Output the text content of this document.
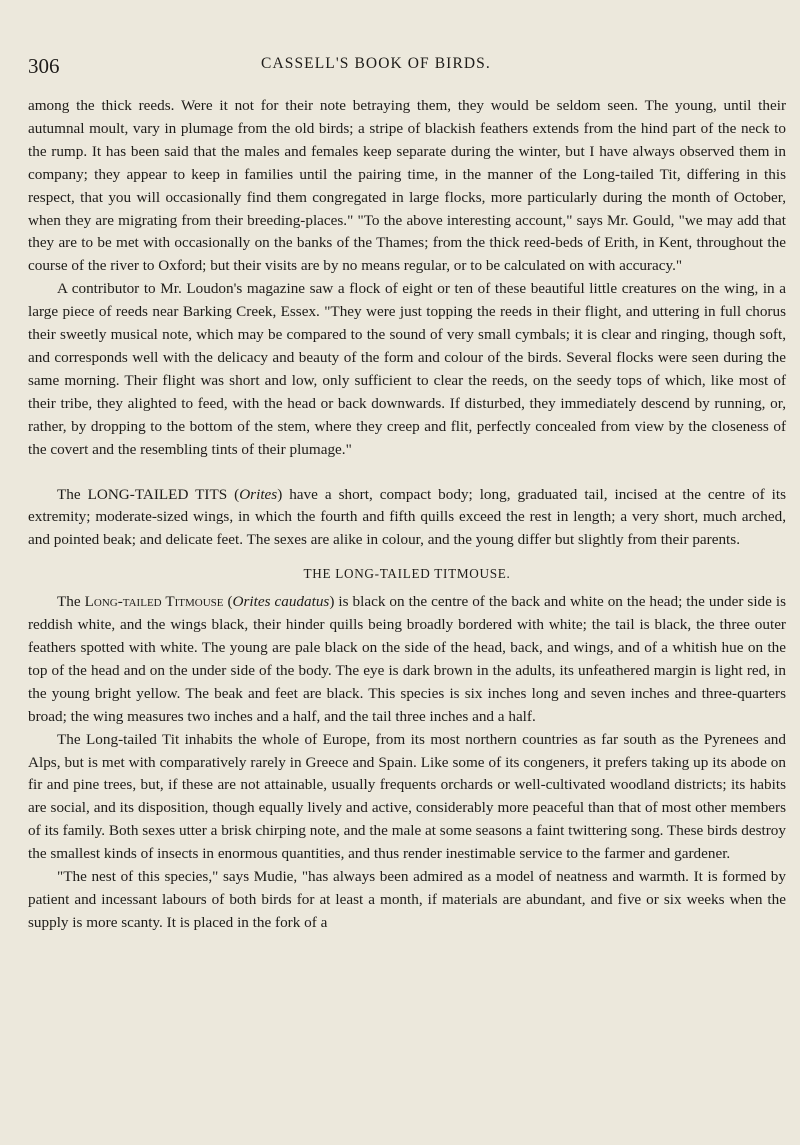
306	CASSELL'S BOOK OF BIRDS.

among the thick reeds. Were it not for their note betraying them, they would be seldom seen. The young, until their autumnal moult, vary in plumage from the old birds; a stripe of blackish feathers extends from the hind part of the neck to the rump. It has been said that the males and females keep separate during the winter, but I have always observed them in company; they appear to keep in families until the pairing time, in the manner of the Long-tailed Tit, differing in this respect, that you will occasionally find them congregated in large flocks, more particularly during the month of October, when they are migrating from their breeding-places." "To the above interesting account," says Mr. Gould, "we may add that they are to be met with occasionally on the banks of the Thames; from the thick reed-beds of Erith, in Kent, throughout the course of the river to Oxford; but their visits are by no means regular, or to be calculated on with accuracy."

A contributor to Mr. Loudon's magazine saw a flock of eight or ten of these beautiful little creatures on the wing, in a large piece of reeds near Barking Creek, Essex. "They were just topping the reeds in their flight, and uttering in full chorus their sweetly musical note, which may be compared to the sound of very small cymbals; it is clear and ringing, though soft, and corresponds well with the delicacy and beauty of the form and colour of the birds. Several flocks were seen during the same morning. Their flight was short and low, only sufficient to clear the reeds, on the seedy tops of which, like most of their tribe, they alighted to feed, with the head or back downwards. If disturbed, they immediately descend by running, or, rather, by dropping to the bottom of the stem, where they creep and flit, perfectly concealed from view by the closeness of the covert and the resembling tints of their plumage."

The LONG-TAILED TITS (Orites) have a short, compact body; long, graduated tail, incised at the centre of its extremity; moderate-sized wings, in which the fourth and fifth quills exceed the rest in length; a very short, much arched, and pointed beak; and delicate feet. The sexes are alike in colour, and the young differ but slightly from their parents.

THE LONG-TAILED TITMOUSE.

The Long-tailed Titmouse (Orites caudatus) is black on the centre of the back and white on the head; the under side is reddish white, and the wings black, their hinder quills being broadly bordered with white; the tail is black, the three outer feathers spotted with white. The young are pale black on the side of the head, back, and wings, and of a whitish hue on the top of the head and on the under side of the body. The eye is dark brown in the adults, its unfeathered margin is light red, in the young bright yellow. The beak and feet are black. This species is six inches long and seven inches and three-quarters broad; the wing measures two inches and a half, and the tail three inches and a half.

The Long-tailed Tit inhabits the whole of Europe, from its most northern countries as far south as the Pyrenees and Alps, but is met with comparatively rarely in Greece and Spain. Like some of its congeners, it prefers taking up its abode on fir and pine trees, but, if these are not attainable, usually frequents orchards or well-cultivated woodland districts; its habits are social, and its disposition, though equally lively and active, considerably more peaceful than that of most other members of its family. Both sexes utter a brisk chirping note, and the male at some seasons a faint twittering song. These birds destroy the smallest kinds of insects in enormous quantities, and thus render inestimable service to the farmer and gardener.

"The nest of this species," says Mudie, "has always been admired as a model of neatness and warmth. It is formed by patient and incessant labours of both birds for at least a month, if materials are abundant, and five or six weeks when the supply is more scanty. It is placed in the fork of a
